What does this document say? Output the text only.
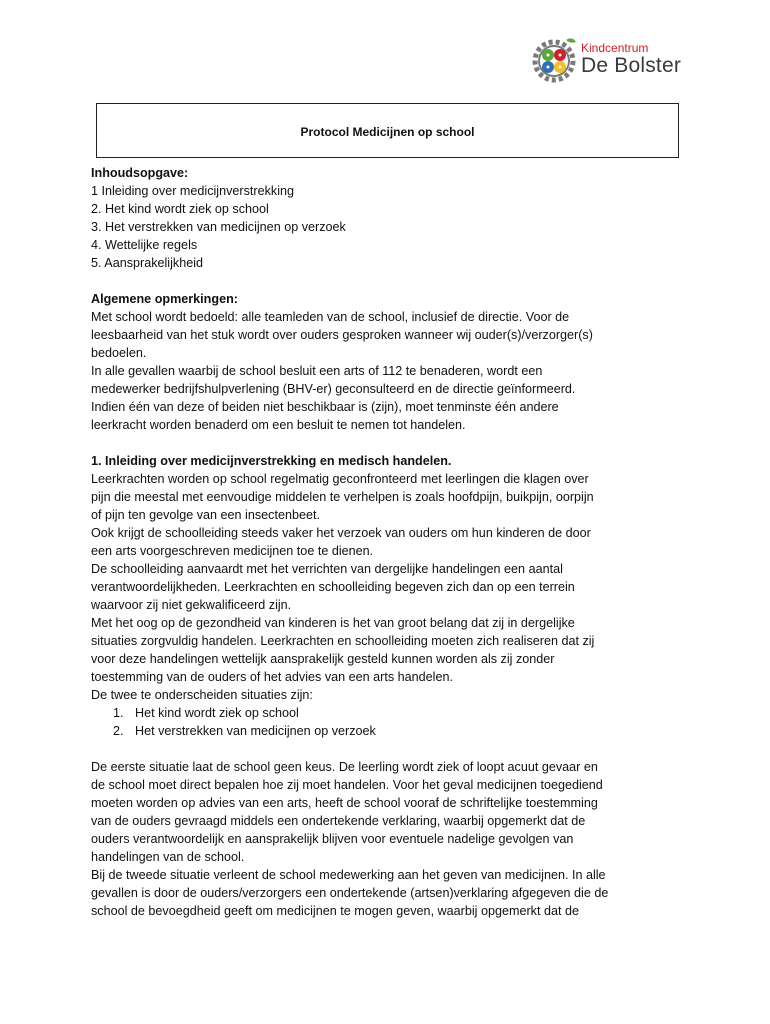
Kindcentrum
De Bolster
Protocol Medicijnen op school

Inhoudsopgave:

1 Inleiding over medicijnverstrekking
2. Het kind wordt ziek op school
3. Het verstrekken van medicijnen op verzoek
4. Wettelijke regels
5. Aansprakelijkheid

Algemene opmerkingen:

Met school wordt bedoeld: alle teamleden van de school, inclusief de directie. Voor de

leesbaarheid van het stuk wordt over ouders gesproken wanneer wij ouder(s)/verzorger(s)

bedoelen.

In alle gevallen waarbij de school besluit een arts of 112 te benaderen, wordt een

medewerker bedrijfshulpverlening (BHV-er) geconsulteerd en de directie geïnformeerd.

Indien één van deze of beiden niet beschikbaar is (zijn), moet tenminste één andere

leerkracht worden benaderd om een besluit te nemen tot handelen.

1. Inleiding over medicijnverstrekking en medisch handelen.

Leerkrachten worden op school regelmatig geconfronteerd met leerlingen die klagen over

pijn die meestal met eenvoudige middelen te verhelpen is zoals hoofdpijn, buikpijn, oorpijn

of pijn ten gevolge van een insectenbeet.

Ook krijgt de schoolleiding steeds vaker het verzoek van ouders om hun kinderen de door

een arts voorgeschreven medicijnen toe te dienen.

De schoolleiding aanvaardt met het verrichten van dergelijke handelingen een aantal

verantwoordelijkheden. Leerkrachten en schoolleiding begeven zich dan op een terrein

waarvoor zij niet gekwalificeerd zijn.

Met het oog op de gezondheid van kinderen is het van groot belang dat zij in dergelijke

situaties zorgvuldig handelen. Leerkrachten en schoolleiding moeten zich realiseren dat zij

voor deze handelingen wettelijk aansprakelijk gesteld kunnen worden als zij zonder

toestemming van de ouders of het advies van een arts handelen.

De twee te onderscheiden situaties zijn:

1. Het kind wordt ziek op school
2. Het verstrekken van medicijnen op verzoek

De eerste situatie laat de school geen keus. De leerling wordt ziek of loopt acuut gevaar en

de school moet direct bepalen hoe zij moet handelen. Voor het geval medicijnen toegediend

moeten worden op advies van een arts, heeft de school vooraf de schriftelijke toestemming

van de ouders gevraagd middels een ondertekende verklaring, waarbij opgemerkt dat de

ouders verantwoordelijk en aansprakelijk blijven voor eventuele nadelige gevolgen van

handelingen van de school.

Bij de tweede situatie verleent de school medewerking aan het geven van medicijnen. In alle

gevallen is door de ouders/verzorgers een ondertekende (artsen)verklaring afgegeven die de

school de bevoegdheid geeft om medicijnen te mogen geven, waarbij opgemerkt dat de
